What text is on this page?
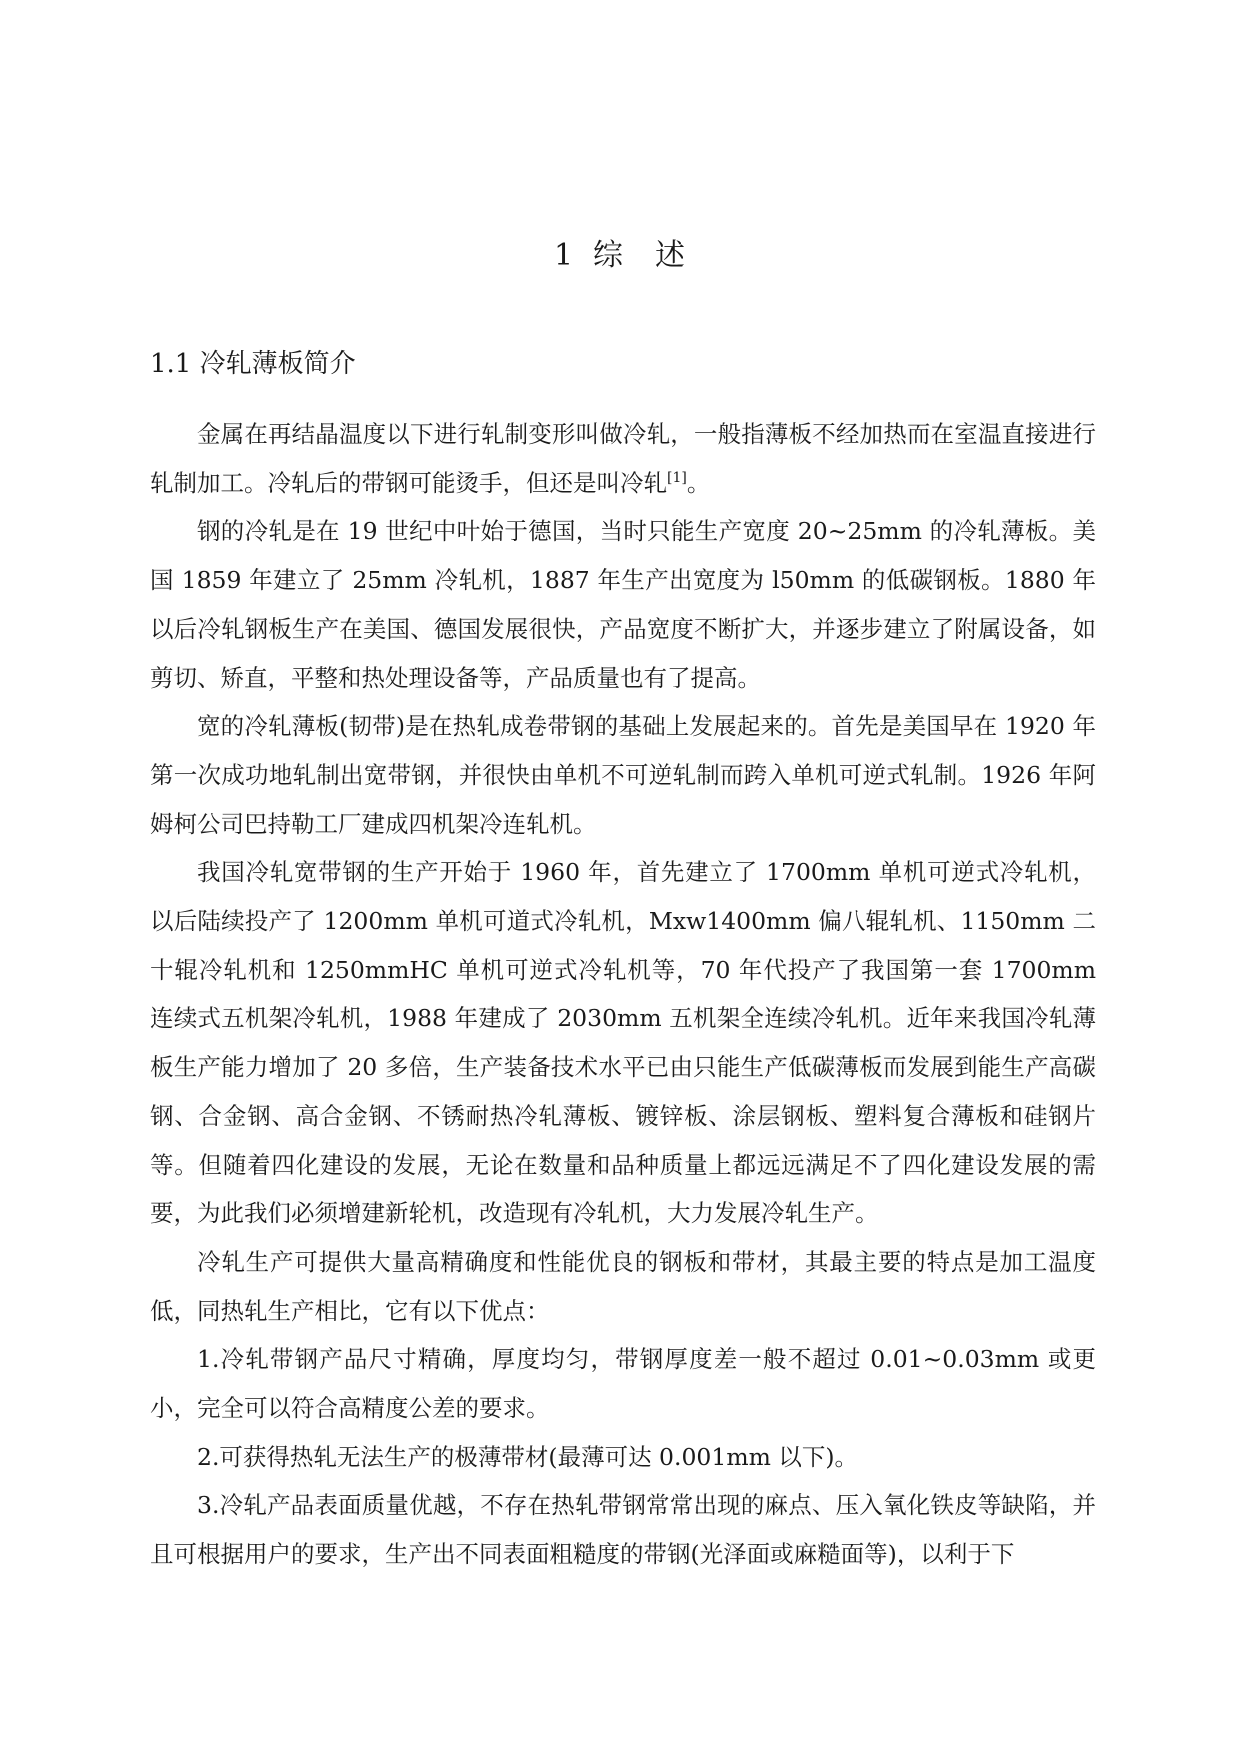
1 综 述
1.1 冷轧薄板简介

金属在再结晶温度以下进行轧制变形叫做冷轧，一般指薄板不经加热而在室温直接进行轧制加工。冷轧后的带钢可能烫手，但还是叫冷轧[1]。

钢的冷轧是在 19 世纪中叶始于德国，当时只能生产宽度 20~25mm 的冷轧薄板。美国 1859 年建立了 25mm 冷轧机，1887 年生产出宽度为 l50mm 的低碳钢板。1880 年以后冷轧钢板生产在美国、德国发展很快，产品宽度不断扩大，并逐步建立了附属设备，如剪切、矫直，平整和热处理设备等，产品质量也有了提高。

宽的冷轧薄板(韧带)是在热轧成卷带钢的基础上发展起来的。首先是美国早在 1920 年第一次成功地轧制出宽带钢，并很快由单机不可逆轧制而跨入单机可逆式轧制。1926 年阿姆柯公司巴持勒工厂建成四机架冷连轧机。

我国冷轧宽带钢的生产开始于 1960 年，首先建立了 1700mm 单机可逆式冷轧机，以后陆续投产了 1200mm 单机可道式冷轧机，Mxw1400mm 偏八辊轧机、1150mm 二十辊冷轧机和 1250mmHC 单机可逆式冷轧机等，70 年代投产了我国第一套 1700mm 连续式五机架冷轧机，1988 年建成了 2030mm 五机架全连续冷轧机。近年来我国冷轧薄板生产能力增加了 20 多倍，生产装备技术水平已由只能生产低碳薄板而发展到能生产高碳钢、合金钢、高合金钢、不锈耐热冷轧薄板、镀锌板、涂层钢板、塑料复合薄板和硅钢片等。但随着四化建设的发展，无论在数量和品种质量上都远远满足不了四化建设发展的需要，为此我们必须增建新轮机，改造现有冷轧机，大力发展冷轧生产。

冷轧生产可提供大量高精确度和性能优良的钢板和带材，其最主要的特点是加工温度低，同热轧生产相比，它有以下优点：

1.冷轧带钢产品尺寸精确，厚度均匀，带钢厚度差一般不超过 0.01~0.03mm 或更小，完全可以符合高精度公差的要求。

2.可获得热轧无法生产的极薄带材(最薄可达 0.001mm 以下)。

3.冷轧产品表面质量优越，不存在热轧带钢常常出现的麻点、压入氧化铁皮等缺陷，并且可根据用户的要求，生产出不同表面粗糙度的带钢(光泽面或麻糙面等)，以利于下
